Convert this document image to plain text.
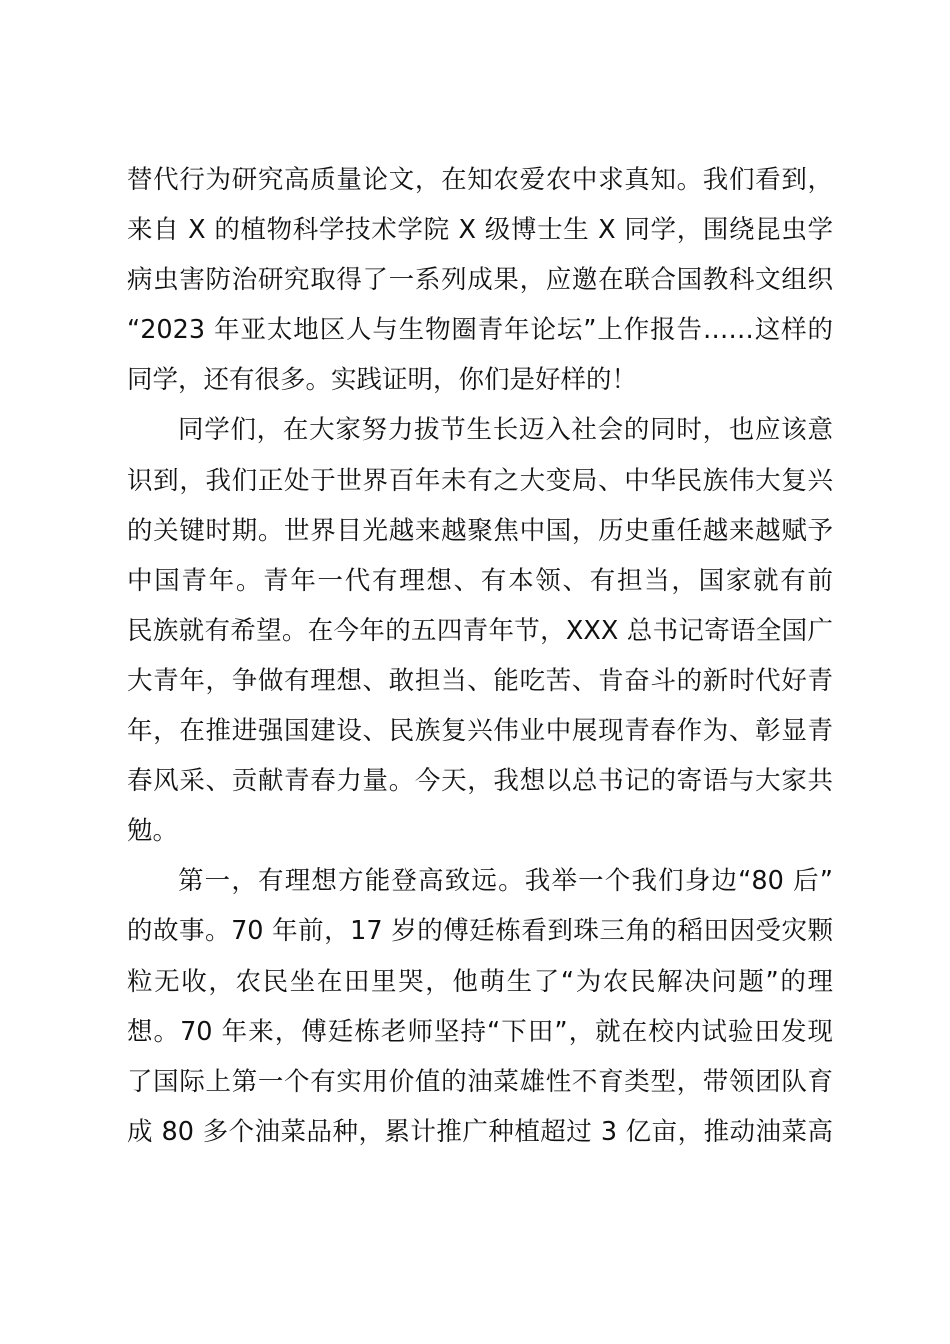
替代行为研究高质量论文，在知农爱农中求真知。我们看到，
来自 X 的植物科学技术学院 X 级博士生 X 同学，围绕昆虫学
病虫害防治研究取得了一系列成果，应邀在联合国教科文组织
“2023 年亚太地区人与生物圈青年论坛”上作报告……这样的
同学，还有很多。实践证明，你们是好样的！
同学们，在大家努力拔节生长迈入社会的同时，也应该意
识到，我们正处于世界百年未有之大变局、中华民族伟大复兴
的关键时期。世界目光越来越聚焦中国，历史重任越来越赋予
中国青年。青年一代有理想、有本领、有担当，国家就有前
民族就有希望。在今年的五四青年节，XXX 总书记寄语全国广
大青年，争做有理想、敢担当、能吃苦、肯奋斗的新时代好青
年，在推进强国建设、民族复兴伟业中展现青春作为、彰显青
春风采、贡献青春力量。今天，我想以总书记的寄语与大家共
勉。
第一，有理想方能登高致远。我举一个我们身边“80 后”
的故事。70 年前，17 岁的傅廷栋看到珠三角的稻田因受灾颗
粒无收，农民坐在田里哭，他萌生了“为农民解决问题”的理
想。70 年来，傅廷栋老师坚持“下田”，就在校内试验田发现
了国际上第一个有实用价值的油菜雄性不育类型，带领团队育
成 80 多个油菜品种，累计推广种植超过 3 亿亩，推动油菜高
